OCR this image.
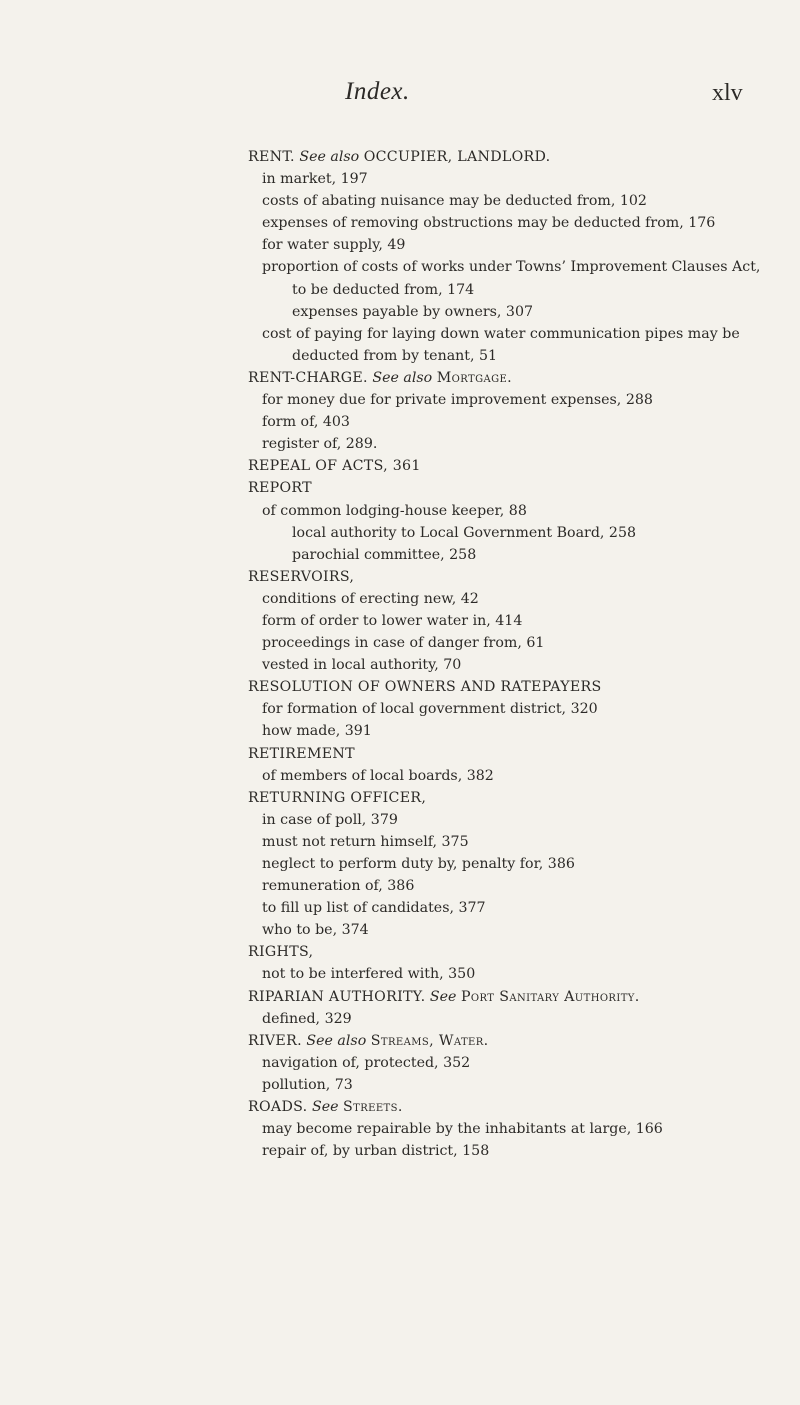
Index.	xlv
RENT. See also OCCUPIER, LANDLORD.
in market, 197
costs of abating nuisance may be deducted from, 102
expenses of removing obstructions may be deducted from, 176
for water supply, 49
proportion of costs of works under Towns’ Improvement Clauses Act,
to be deducted from, 174
expenses payable by owners, 307
cost of paying for laying down water communication pipes may be
deducted from by tenant, 51
RENT-CHARGE. See also Mortgage.
for money due for private improvement expenses, 288
form of, 403
register of, 289.
REPEAL OF ACTS, 361
REPORT
of common lodging-house keeper, 88
local authority to Local Government Board, 258
parochial committee, 258
RESERVOIRS,
conditions of erecting new, 42
form of order to lower water in, 414
proceedings in case of danger from, 61
vested in local authority, 70
RESOLUTION OF OWNERS AND RATEPAYERS
for formation of local government district, 320
how made, 391
RETIREMENT
of members of local boards, 382
RETURNING OFFICER,
in case of poll, 379
must not return himself, 375
neglect to perform duty by, penalty for, 386
remuneration of, 386
to fill up list of candidates, 377
who to be, 374
RIGHTS,
not to be interfered with, 350
RIPARIAN AUTHORITY. See Port Sanitary Authority.
defined, 329
RIVER. See also Streams, Water.
navigation of, protected, 352
pollution, 73
ROADS. See Streets.
may become repairable by the inhabitants at large, 166
repair of, by urban district, 158
